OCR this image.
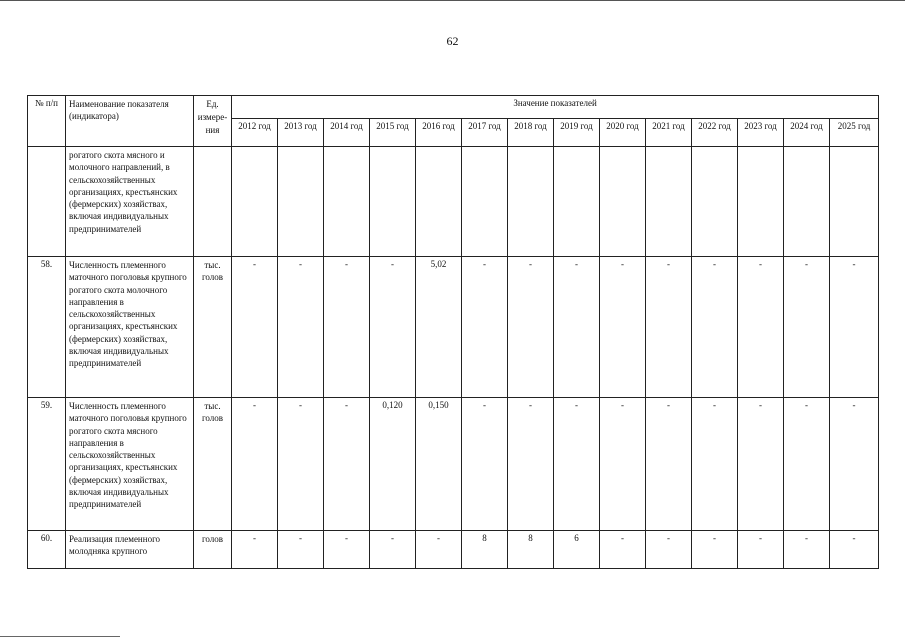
62
№ п/п	Наименование показателя (индикатора)	Ед. измере- ния	Значение показателей													
			2012 год	2013 год	2014 год	2015 год	2016 год	2017 год	2018 год	2019 год	2020 год	2021 год	2022 год	2023 год	2024 год	2025 год
	рогатого скота мясного и молочного направлений, в сельскохозяйственных организациях, крестьянских (фермерских) хозяйствах, включая индивидуальных предпринимателей															
58.	Численность племенного маточного поголовья крупного рогатого скота молочного направления в сельскохозяйственных организациях, крестьянских (фермерских) хозяйствах, включая индивидуальных предпринимателей	тыс. голов	-	-	-	-	5,02	-	-	-	-	-	-	-	-	-
59.	Численность племенного маточного поголовья крупного рогатого скота мясного направления в сельскохозяйственных организациях, крестьянских (фермерских) хозяйствах, включая индивидуальных предпринимателей	тыс. голов	-	-	-	0,120	0,150	-	-	-	-	-	-	-	-	-
60.	Реализация племенного молодняка крупного	голов	-	-	-	-	-	8	8	6	-	-	-	-	-	-
